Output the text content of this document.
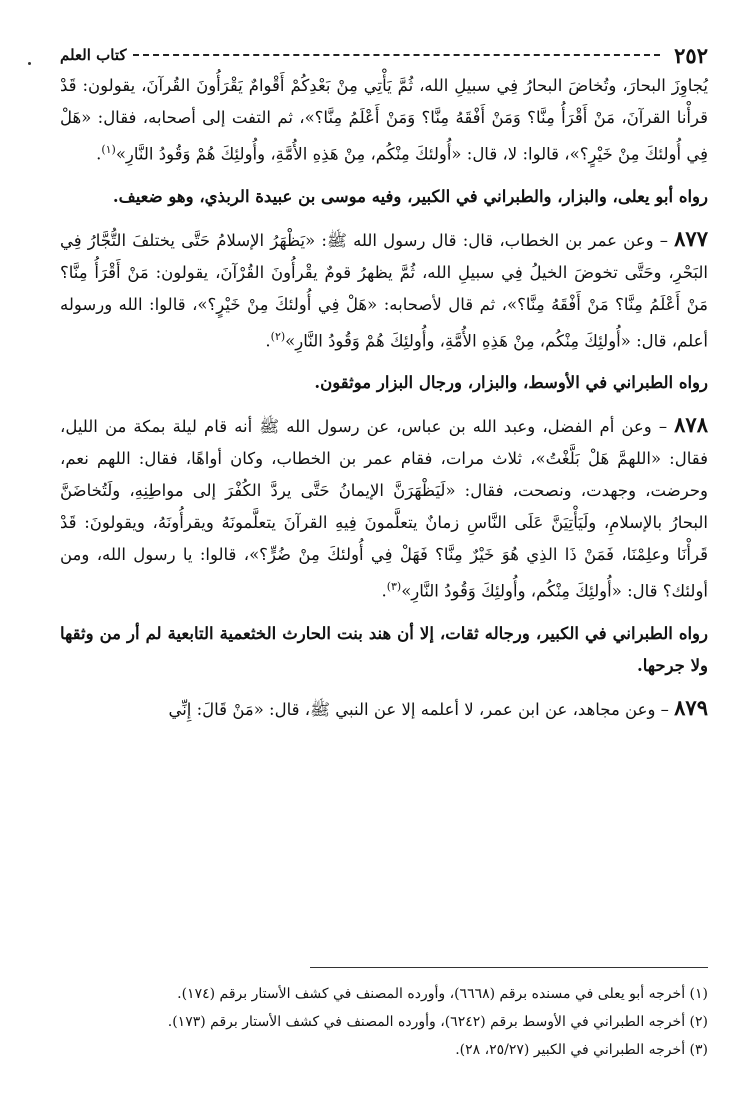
٢٥٢
كتاب العلم

يُجاوِزَ البحارَ، وتُخاضَ البحارُ فِي سبيلِ الله، ثُمَّ يَأْتِي مِنْ بَعْدِكُمْ أَقْوامٌ يَقْرَأُونَ القُرآنَ، يقولون: قَدْ قرأْنا القرآنَ، مَنْ أَقْرَأُ مِنَّا؟ وَمَنْ أَفْقَهُ مِنَّا؟ وَمَنْ أَعْلَمُ مِنَّا؟»، ثم التفت إلى أصحابه، فقال: «هَلْ فِي أُولئكَ مِنْ خَيْرٍ؟»، قالوا: لا، قال: «أُولئكَ مِنْكُم، مِنْ هَذِهِ الأُمَّةِ، وأُولئِكَ هُمْ وَقُودُ النَّارِ»$^{(١)}$.

رواه أبو يعلى، والبزار، والطبراني في الكبير، وفيه موسى بن عبيدة الربذي، وهو ضعيف.

٨٧٧ – وعن عمر بن الخطاب، قال: قال رسول الله ﷺ: «يَظْهَرُ الإسلامُ حَتَّى يختلفَ التُّجَّارُ فِي البَحْرِ، وحَتَّى تخوضَ الخيلُ فِي سبيلِ الله، ثُمَّ يظهرُ قومٌ يقْرأُونَ القُرْآنَ، يقولون: مَنْ أَقْرَأُ مِنَّا؟ مَنْ أَعْلَمُ مِنَّا؟ مَنْ أَفْقَهُ مِنَّا؟»، ثم قال لأصحابه: «هَلْ فِي أُولئكَ مِنْ خَيْرٍ؟»، قالوا: الله ورسوله أعلم، قال: «أُولئِكَ مِنْكُم، مِنْ هَذِهِ الأُمَّةِ، وأُولئِكَ هُمْ وَقُودُ النَّارِ»$^{(٢)}$.

رواه الطبراني في الأوسط، والبزار، ورجال البزار موثقون.

٨٧٨ – وعن أم الفضل، وعبد الله بن عباس، عن رسول الله ﷺ أنه قام ليلة بمكة من الليل، فقال: «اللهمَّ هَلْ بَلَّغْتُ»، ثلاث مرات، فقام عمر بن الخطاب، وكان أواهًا، فقال: اللهم نعم، وحرضت، وجهدت، ونصحت، فقال: «لَيَظْهَرَنَّ الإيمانُ حَتَّى يردَّ الكُفْرَ إلى مواطِنِهِ، ولَتُخاضَنَّ البحارُ بالإسلامِ، ولَيَأْتِيَنَّ عَلَى النَّاسِ زمانٌ يتعلَّمونَ فِيهِ القرآنَ يتعلَّمونَهُ ويقرأُونَهُ، ويقولونَ: قَدْ قَرأْنَا وعلِمْنَا، فَمَنْ ذَا الذِي هُوَ خَيْرٌ مِنَّا؟ فَهَلْ فِي أُولئكَ مِنْ ضُرٍّ؟»، قالوا: يا رسول الله، ومن أولئك؟ قال: «أُولئِكَ مِنْكُم، وأُولئِكَ وَقُودُ النَّارِ»$^{(٣)}$.

رواه الطبراني في الكبير، ورجاله ثقات، إلا أن هند بنت الحارث الخثعمية التابعية لم أر من وثقها ولا جرحها.

٨٧٩ – وعن مجاهد، عن ابن عمر، لا أعلمه إلا عن النبي ﷺ، قال: «مَنْ قَالَ: إِنِّي

(١) أخرجه أبو يعلى في مسنده برقم (٦٦٦٨)، وأورده المصنف في كشف الأستار برقم (١٧٤).
(٢) أخرجه الطبراني في الأوسط برقم (٦٢٤٢)، وأورده المصنف في كشف الأستار برقم (١٧٣).
(٣) أخرجه الطبراني في الكبير (٢٥/٢٧، ٢٨).
